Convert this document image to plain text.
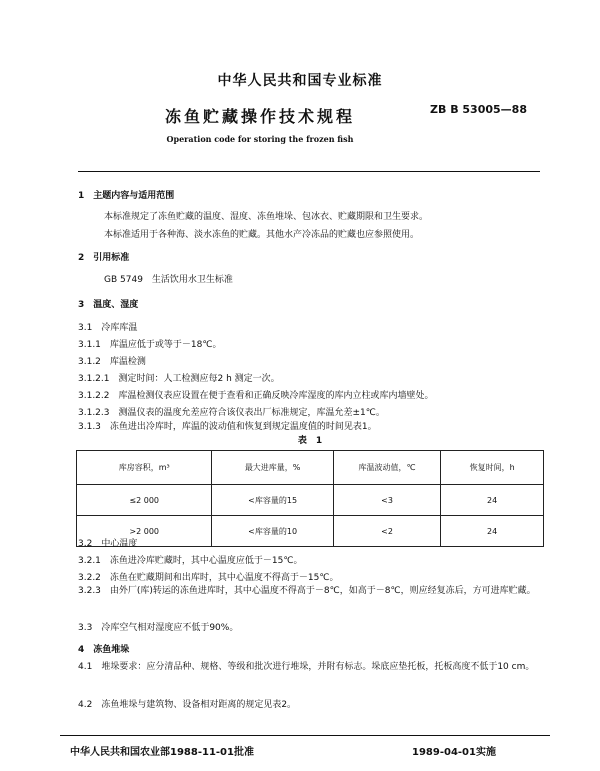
中华人民共和国专业标准
冻鱼贮藏操作技术规程	ZB B 53005—88
Operation code for storing the frozen fish
1　主题内容与适用范围
本标准规定了冻鱼贮藏的温度、湿度、冻鱼堆垛、包冰衣、贮藏期限和卫生要求。
本标准适用于各种海、淡水冻鱼的贮藏。其他水产冷冻品的贮藏也应参照使用。
2　引用标准
GB 5749　生活饮用水卫生标准
3　温度、湿度
3.1　冷库库温
3.1.1　库温应低于或等于－18℃。
3.1.2　库温检测
3.1.2.1　测定时间：人工检测应每2 h 测定一次。
3.1.2.2　库温检测仪表应设置在便于查看和正确反映冷库湿度的库内立柱或库内墙壁处。
3.1.2.3　测温仪表的温度允差应符合该仪表出厂标准规定，库温允差±1℃。
3.1.3　冻鱼进出冷库时，库温的波动值和恢复到规定温度值的时间见表1。
表　1
库房容积，m³	最大进库量，%	库温波动值，℃	恢复时间，h
≤2 000	<库容量的15	<3	24
>2 000	<库容量的10	<2	24
3.2　中心温度
3.2.1　冻鱼进冷库贮藏时，其中心温度应低于－15℃。
3.2.2　冻鱼在贮藏期间和出库时，其中心温度不得高于－15℃。
3.2.3　由外厂(库)转运的冻鱼进库时，其中心温度不得高于－8℃，如高于－8℃，则应经复冻后，方可进库贮藏。
3.3　冷库空气相对湿度应不低于90%。
4　冻鱼堆垛
4.1　堆垛要求：应分清品种、规格、等级和批次进行堆垛，并附有标志。垛底应垫托板，托板高度不低于10 cm。
4.2　冻鱼堆垛与建筑物、设备相对距离的规定见表2。
中华人民共和国农业部1988-11-01批准	1989-04-01实施
